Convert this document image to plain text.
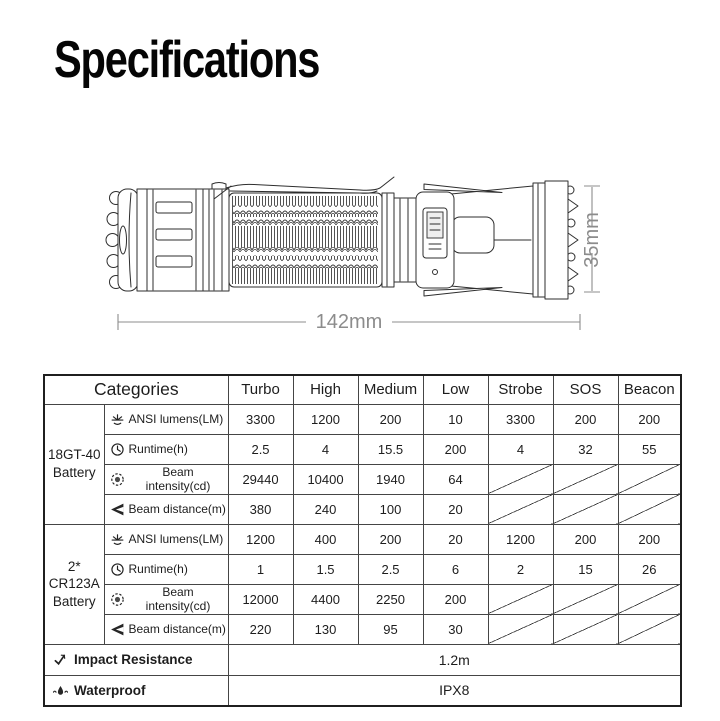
Specifications
35mm
142mm
Categories		Turbo	High	Medium	Low	Strobe	SOS	Beacon
18GT-40 Battery	ANSI lumens(LM)	3300	1200	200	10	3300	200	200

	Runtime(h)	2.5	4	15.5	200	4	32	55

	Beam intensity(cd)	29440	10400	1940	64			

	Beam distance(m)	380	240	100	20			
2* CR123A Battery	ANSI lumens(LM)	1200	400	200	20	1200	200	200

	Runtime(h)	1	1.5	2.5	6	2	15	26

	Beam intensity(cd)	12000	4400	2250	200			

	Beam distance(m)	220	130	95	30			

Impact Resistance		1.2m						

Waterproof		IPX8						
